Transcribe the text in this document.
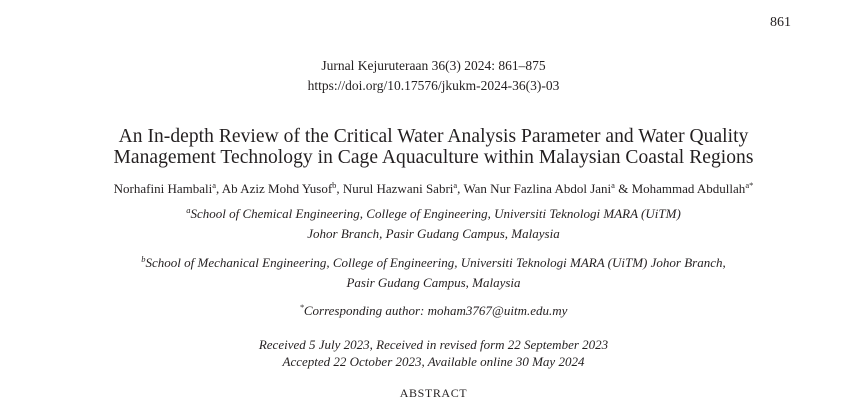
861
Jurnal Kejuruteraan 36(3) 2024: 861–875
https://doi.org/10.17576/jkukm-2024-36(3)-03
An In-depth Review of the Critical Water Analysis Parameter and Water Quality
Management Technology in Cage Aquaculture within Malaysian Coastal Regions
Norhafini Hambali$^a$, Ab Aziz Mohd Yusof$^b$, Nurul Hazwani Sabri$^a$, Wan Nur Fazlina Abdol Jani$^a$ & Mohammad Abdullah$^{a*}$
$^a$School of Chemical Engineering, College of Engineering, Universiti Teknologi MARA (UiTM)
Johor Branch, Pasir Gudang Campus, Malaysia
$^b$School of Mechanical Engineering, College of Engineering, Universiti Teknologi MARA (UiTM) Johor Branch,
Pasir Gudang Campus, Malaysia
*Corresponding author: moham3767@uitm.edu.my
Received 5 July 2023, Received in revised form 22 September 2023
Accepted 22 October 2023, Available online 30 May 2024
ABSTRACT
